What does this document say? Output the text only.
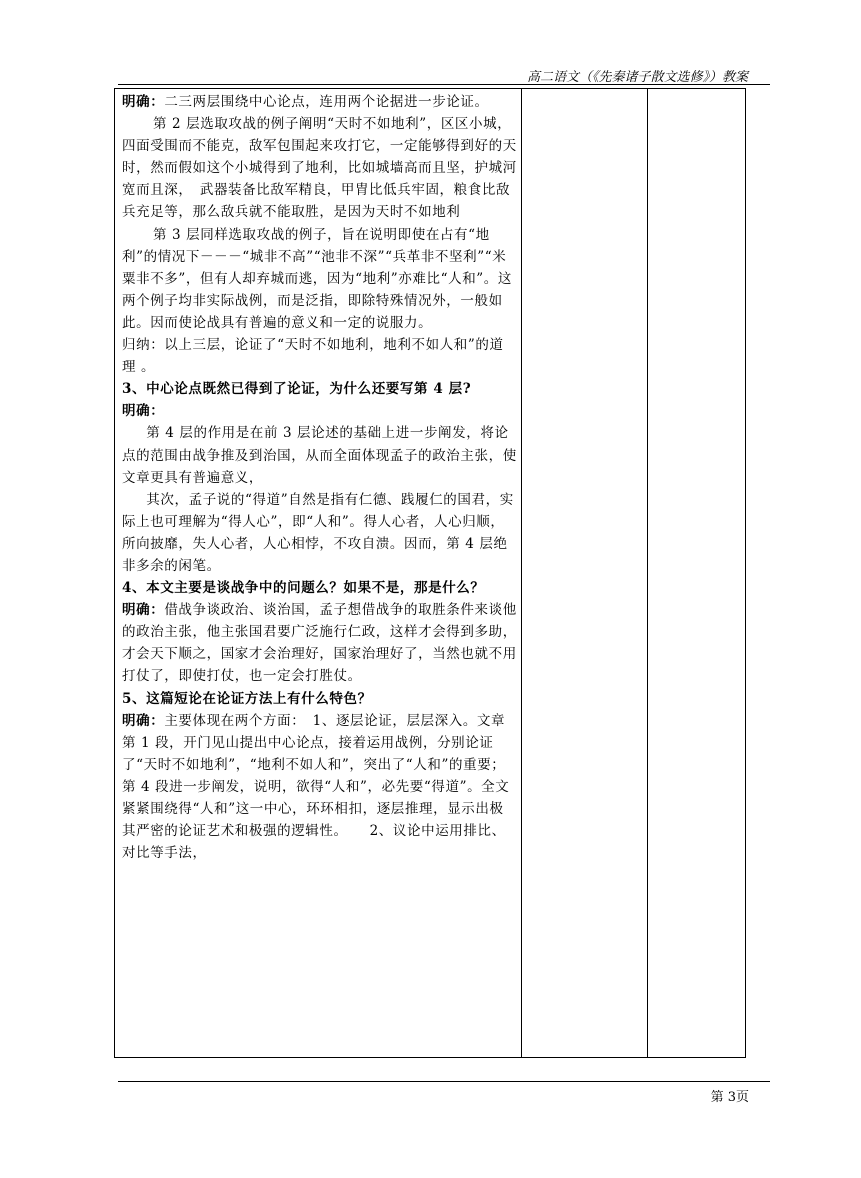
高二语文（《先秦诸子散文选修》）教案

明确：二三两层围绕中心论点，连用两个论据进一步论证。

第 2 层选取攻战的例子阐明“天时不如地利”，区区小城，四面受围而不能克，敌军包围起来攻打它，一定能够得到好的天时，然而假如这个小城得到了地利，比如城墙高而且坚，护城河宽而且深，　武器装备比敌军精良，甲胄比低兵牢固，粮食比敌兵充足等，那么敌兵就不能取胜，是因为天时不如地利

第 3 层同样选取攻战的例子，旨在说明即使在占有“地利”的情况下－－－“城非不高”“池非不深”“兵革非不坚利”“米粟非不多”，但有人却弃城而逃，因为“地利”亦难比“人和”。这两个例子均非实际战例，而是泛指，即除特殊情况外，一般如此。因而使论战具有普遍的意义和一定的说服力。

归纳：以上三层，论证了“天时不如地利，地利不如人和”的道理 。

3、中心论点既然已得到了论证，为什么还要写第 4 层?

明确：

第 4 层的作用是在前 3 层论述的基础上进一步阐发，将论点的范围由战争推及到治国，从而全面体现孟子的政治主张，使文章更具有普遍意义，

其次，孟子说的“得道”自然是指有仁德、践履仁的国君，实际上也可理解为“得人心”，即“人和”。得人心者，人心归顺，所向披靡，失人心者，人心相悖，不攻自溃。因而，第 4 层绝非多余的闲笔。

4、本文主要是谈战争中的问题么？如果不是，那是什么？

明确：借战争谈政治、谈治国，孟子想借战争的取胜条件来谈他的政治主张，他主张国君要广泛施行仁政，这样才会得到多助，才会天下顺之，国家才会治理好，国家治理好了，当然也就不用打仗了，即使打仗，也一定会打胜仗。

5、这篇短论在论证方法上有什么特色？

明确：主要体现在两个方面：　1、逐层论证，层层深入。文章第 1 段，开门见山提出中心论点，接着运用战例，分别论证了“天时不如地利”，“地利不如人和”，突出了“人和”的重要；第 4 段进一步阐发，说明，欲得“人和”，必先要“得道”。全文紧紧围绕得“人和”这一中心，环环相扣，逐层推理，显示出极其严密的论证艺术和极强的逻辑性。 2、议论中运用排比、对比等手法，

第 3页
